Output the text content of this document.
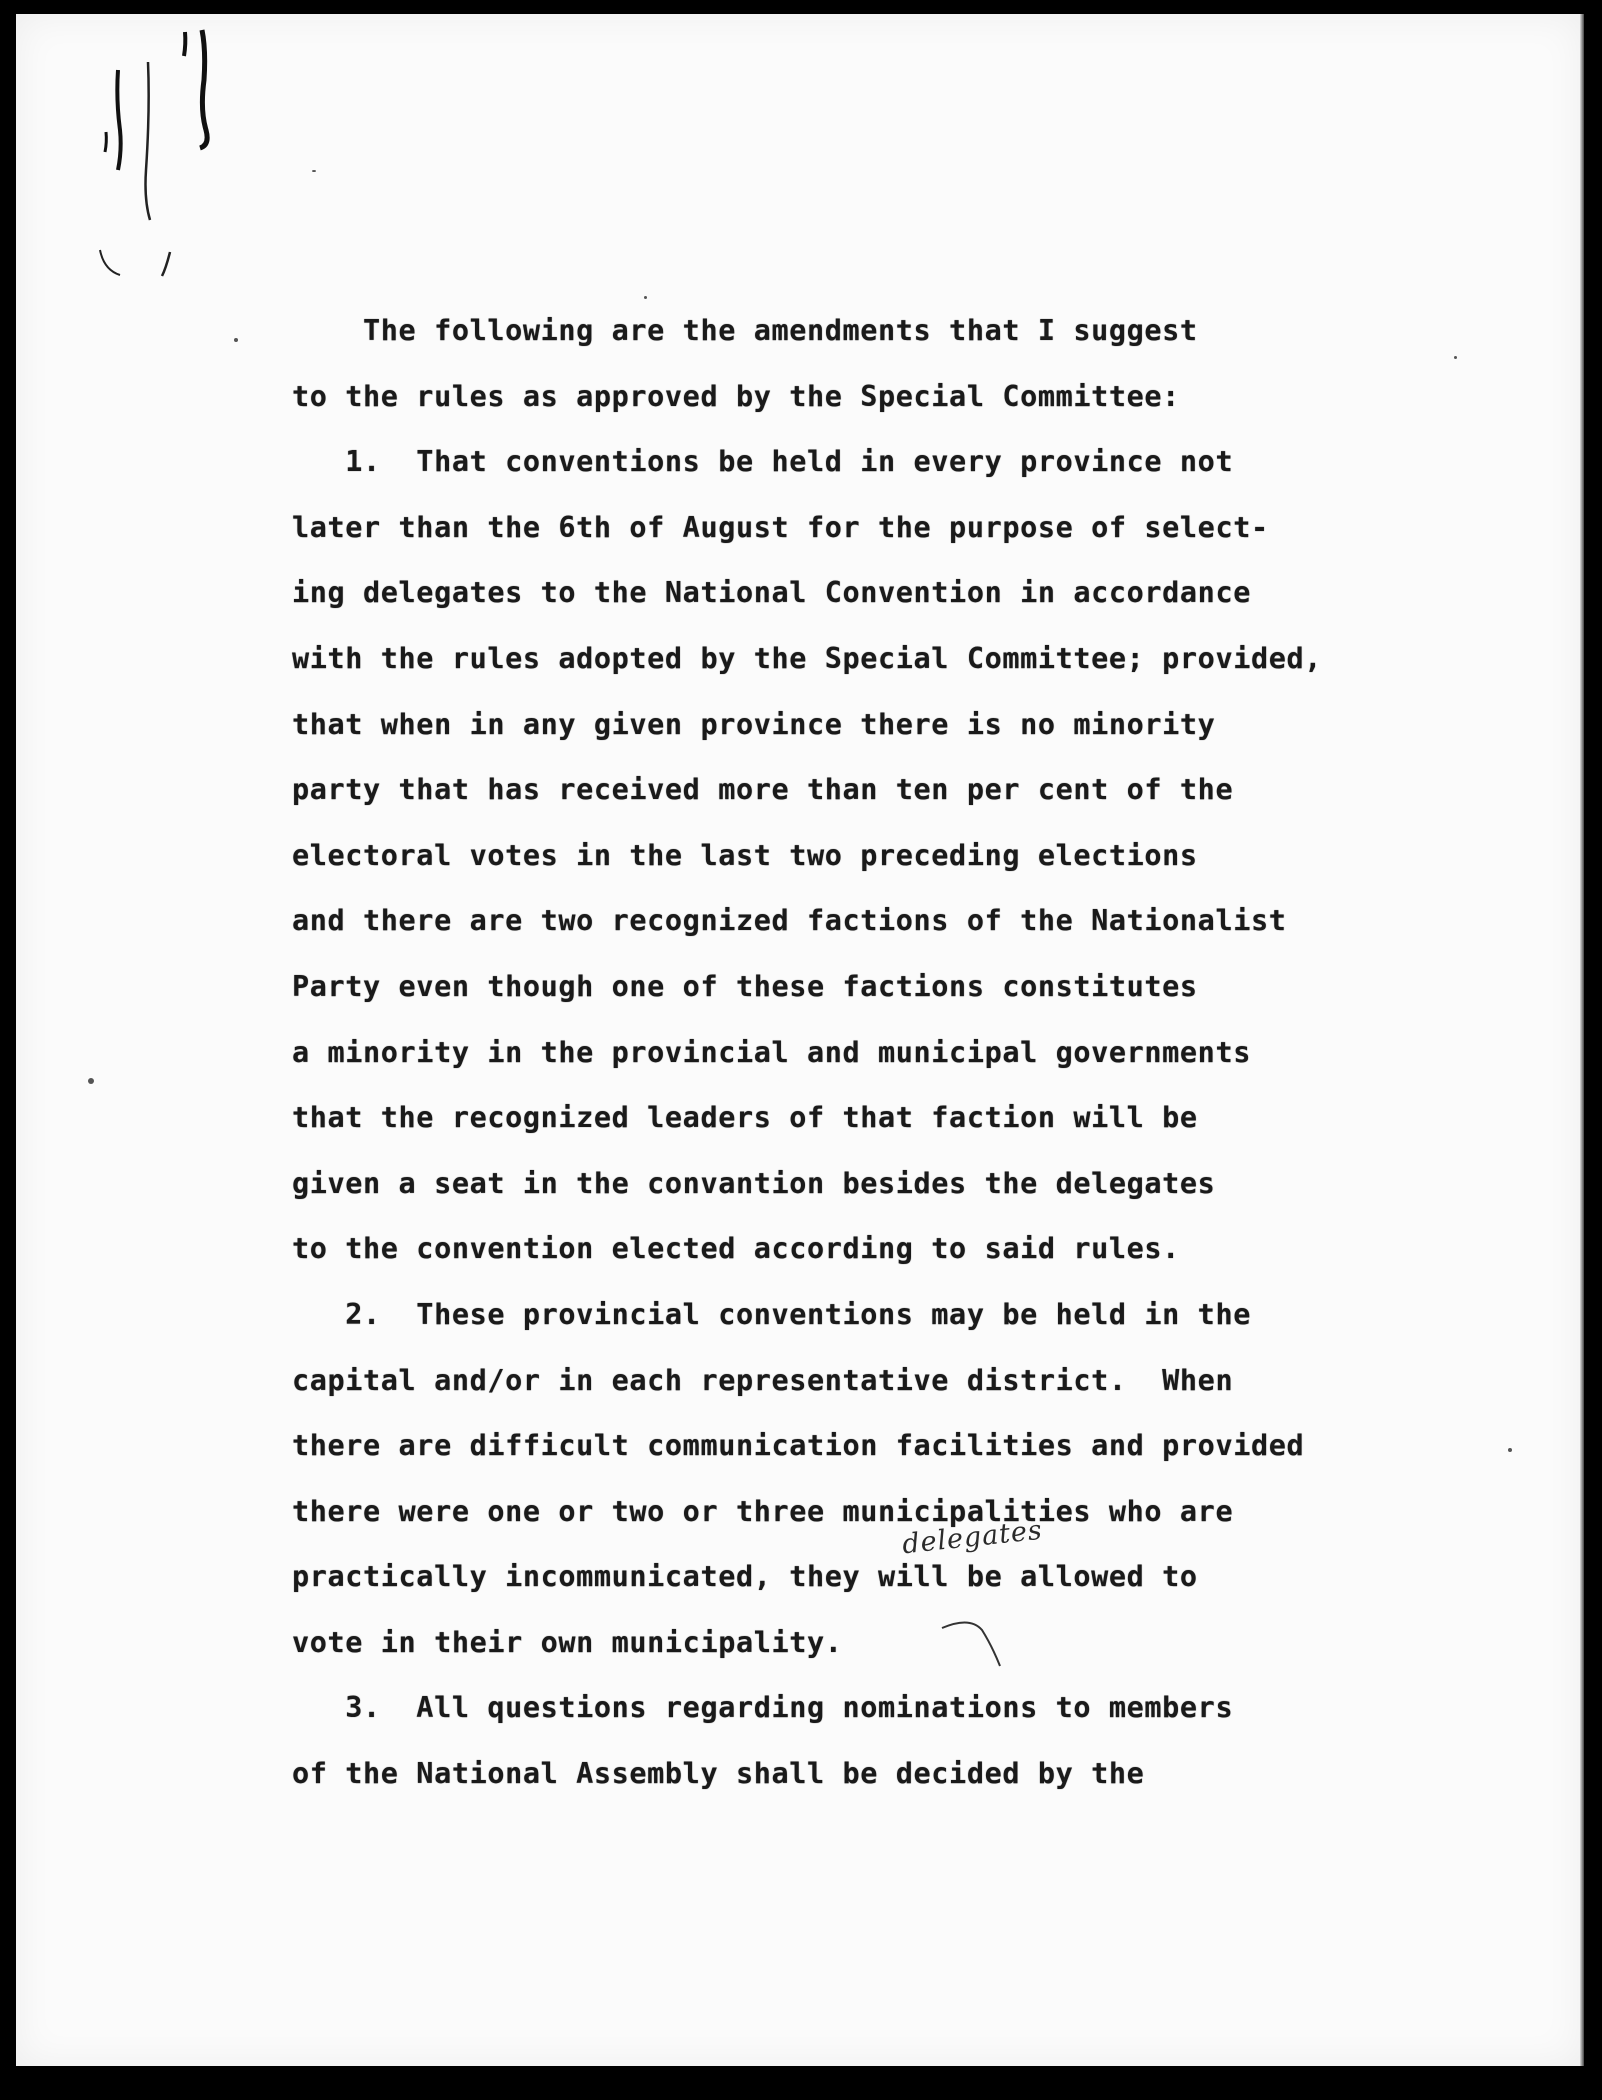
The following are the amendments that I suggest
to the rules as approved by the Special Committee:
1.  That conventions be held in every province not
later than the 6th of August for the purpose of select-
ing delegates to the National Convention in accordance
with the rules adopted by the Special Committee; provided,
that when in any given province there is no minority
party that has received more than ten per cent of the
electoral votes in the last two preceding elections
and there are two recognized factions of the Nationalist
Party even though one of these factions constitutes
a minority in the provincial and municipal governments
that the recognized leaders of that faction will be
given a seat in the convantion besides the delegates
to the convention elected according to said rules.
2.  These provincial conventions may be held in the
capital and/or in each representative district.  When
there are difficult communication facilities and provided
there were one or two or three municipalities who are
practically incommunicated, they will be allowed to
vote in their own municipality.
3.  All questions regarding nominations to members
of the National Assembly shall be decided by the
delegates
